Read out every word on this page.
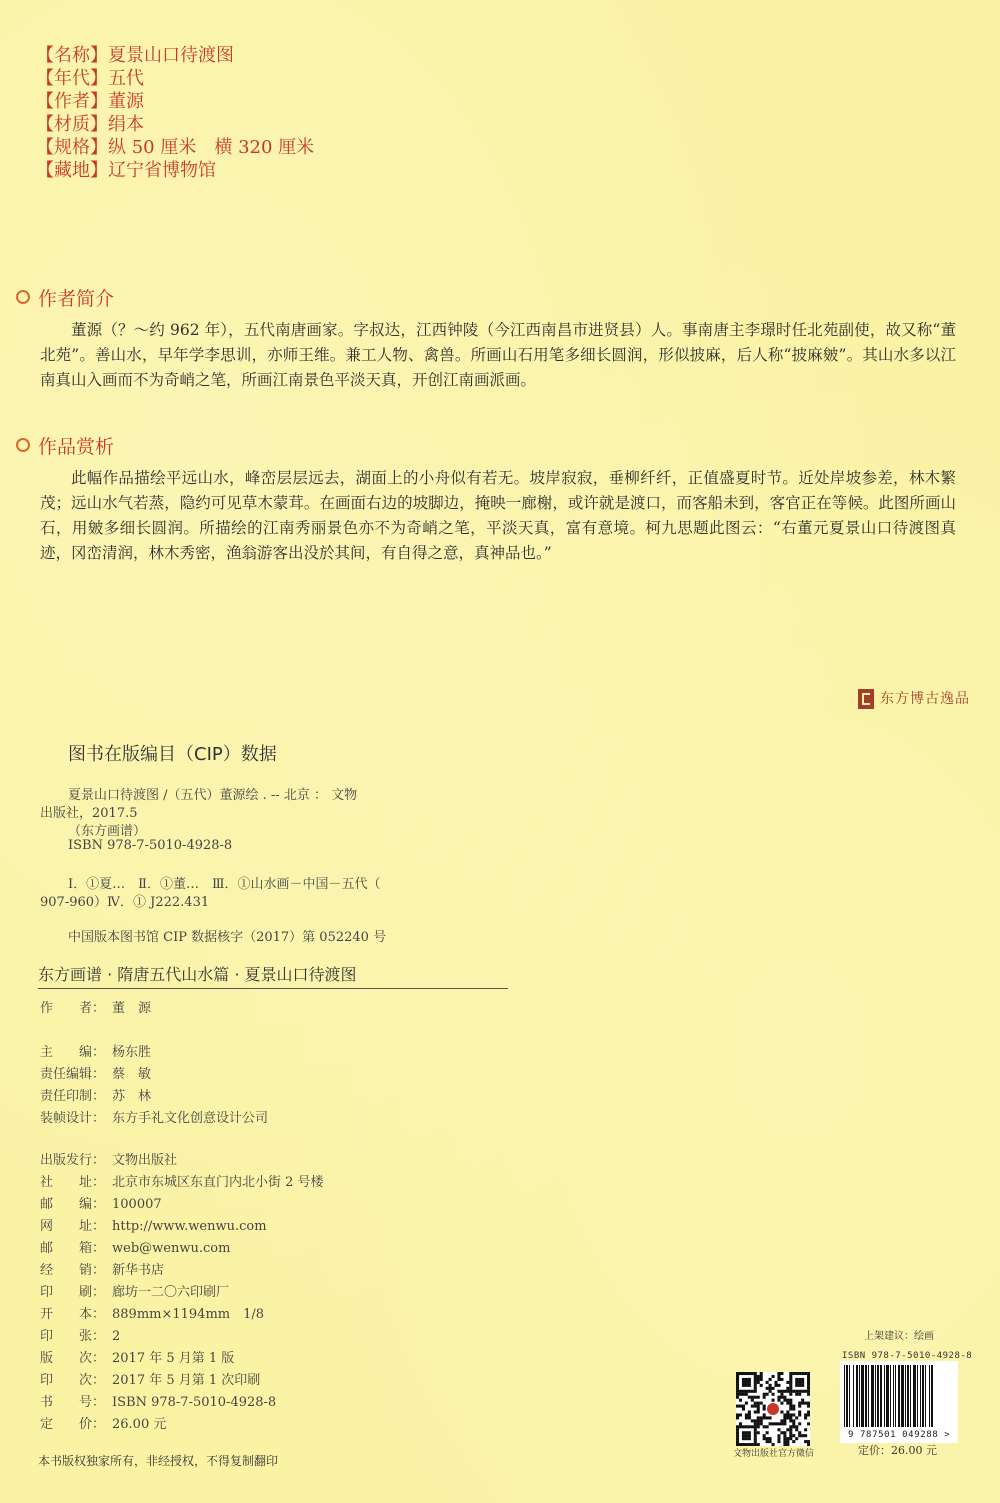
【名称】夏景山口待渡图
【年代】五代
【作者】董源
【材质】绢本
【规格】纵 50 厘米　横 320 厘米
【藏地】辽宁省博物馆
作者简介
董源（？～约 962 年），五代南唐画家。字叔达，江西钟陵（今江西南昌市进贤县）人。事南唐主李璟时任北苑副使，故又称“董北苑”。善山水，早年学李思训，亦师王维。兼工人物、禽兽。所画山石用笔多细长圆润，形似披麻，后人称“披麻皴”。其山水多以江南真山入画而不为奇峭之笔，所画江南景色平淡天真，开创江南画派画。
作品赏析
此幅作品描绘平远山水，峰峦层层远去，湖面上的小舟似有若无。坡岸寂寂，垂柳纤纤，正值盛夏时节。近处岸坡参差，林木繁茂；远山水气若蒸，隐约可见草木蒙茸。在画面右边的坡脚边，掩映一廊榭，或许就是渡口，而客船未到，客官正在等候。此图所画山石，用皴多细长圆润。所描绘的江南秀丽景色亦不为奇峭之笔，平淡天真，富有意境。柯九思题此图云：“右董元夏景山口待渡图真迹，冈峦清润，林木秀密，渔翁游客出没於其间，有自得之意，真神品也。”
东方博古逸品
图书在版编目（CIP）数据
夏景山口待渡图 /（五代）董源绘 . -- 北京 ： 文物
出版社，2017.5
（东方画谱）
ISBN 978-7-5010-4928-8
Ⅰ．①夏…　Ⅱ．①董…　Ⅲ．①山水画－中国－五代（
907-960）Ⅳ．① J222.431
中国版本图书馆 CIP 数据核字（2017）第 052240 号
东方画谱 · 隋唐五代山水篇 · 夏景山口待渡图
作　　者： 董　源
主　　编： 杨东胜
责任编辑： 蔡　敏
责任印制： 苏　林
装帧设计： 东方手礼文化创意设计公司
出版发行： 文物出版社
社　　址： 北京市东城区东直门内北小街 2 号楼
邮　　编： 100007
网　　址： http://www.wenwu.com
邮　　箱： web@wenwu.com
经　　销： 新华书店
印　　刷： 廊坊一二〇六印刷厂
开　　本： 889mm×1194mm　1/8
印　　张： 2
版　　次： 2017 年 5 月第 1 版
印　　次： 2017 年 5 月第 1 次印刷
书　　号： ISBN 978-7-5010-4928-8
定　　价： 26.00 元
本书版权独家所有，非经授权，不得复制翻印	文物出版社官方微信
上架建议：绘画
ISBN 978-7-5010-4928-8
9 787501 049288 >
定价：26.00 元
